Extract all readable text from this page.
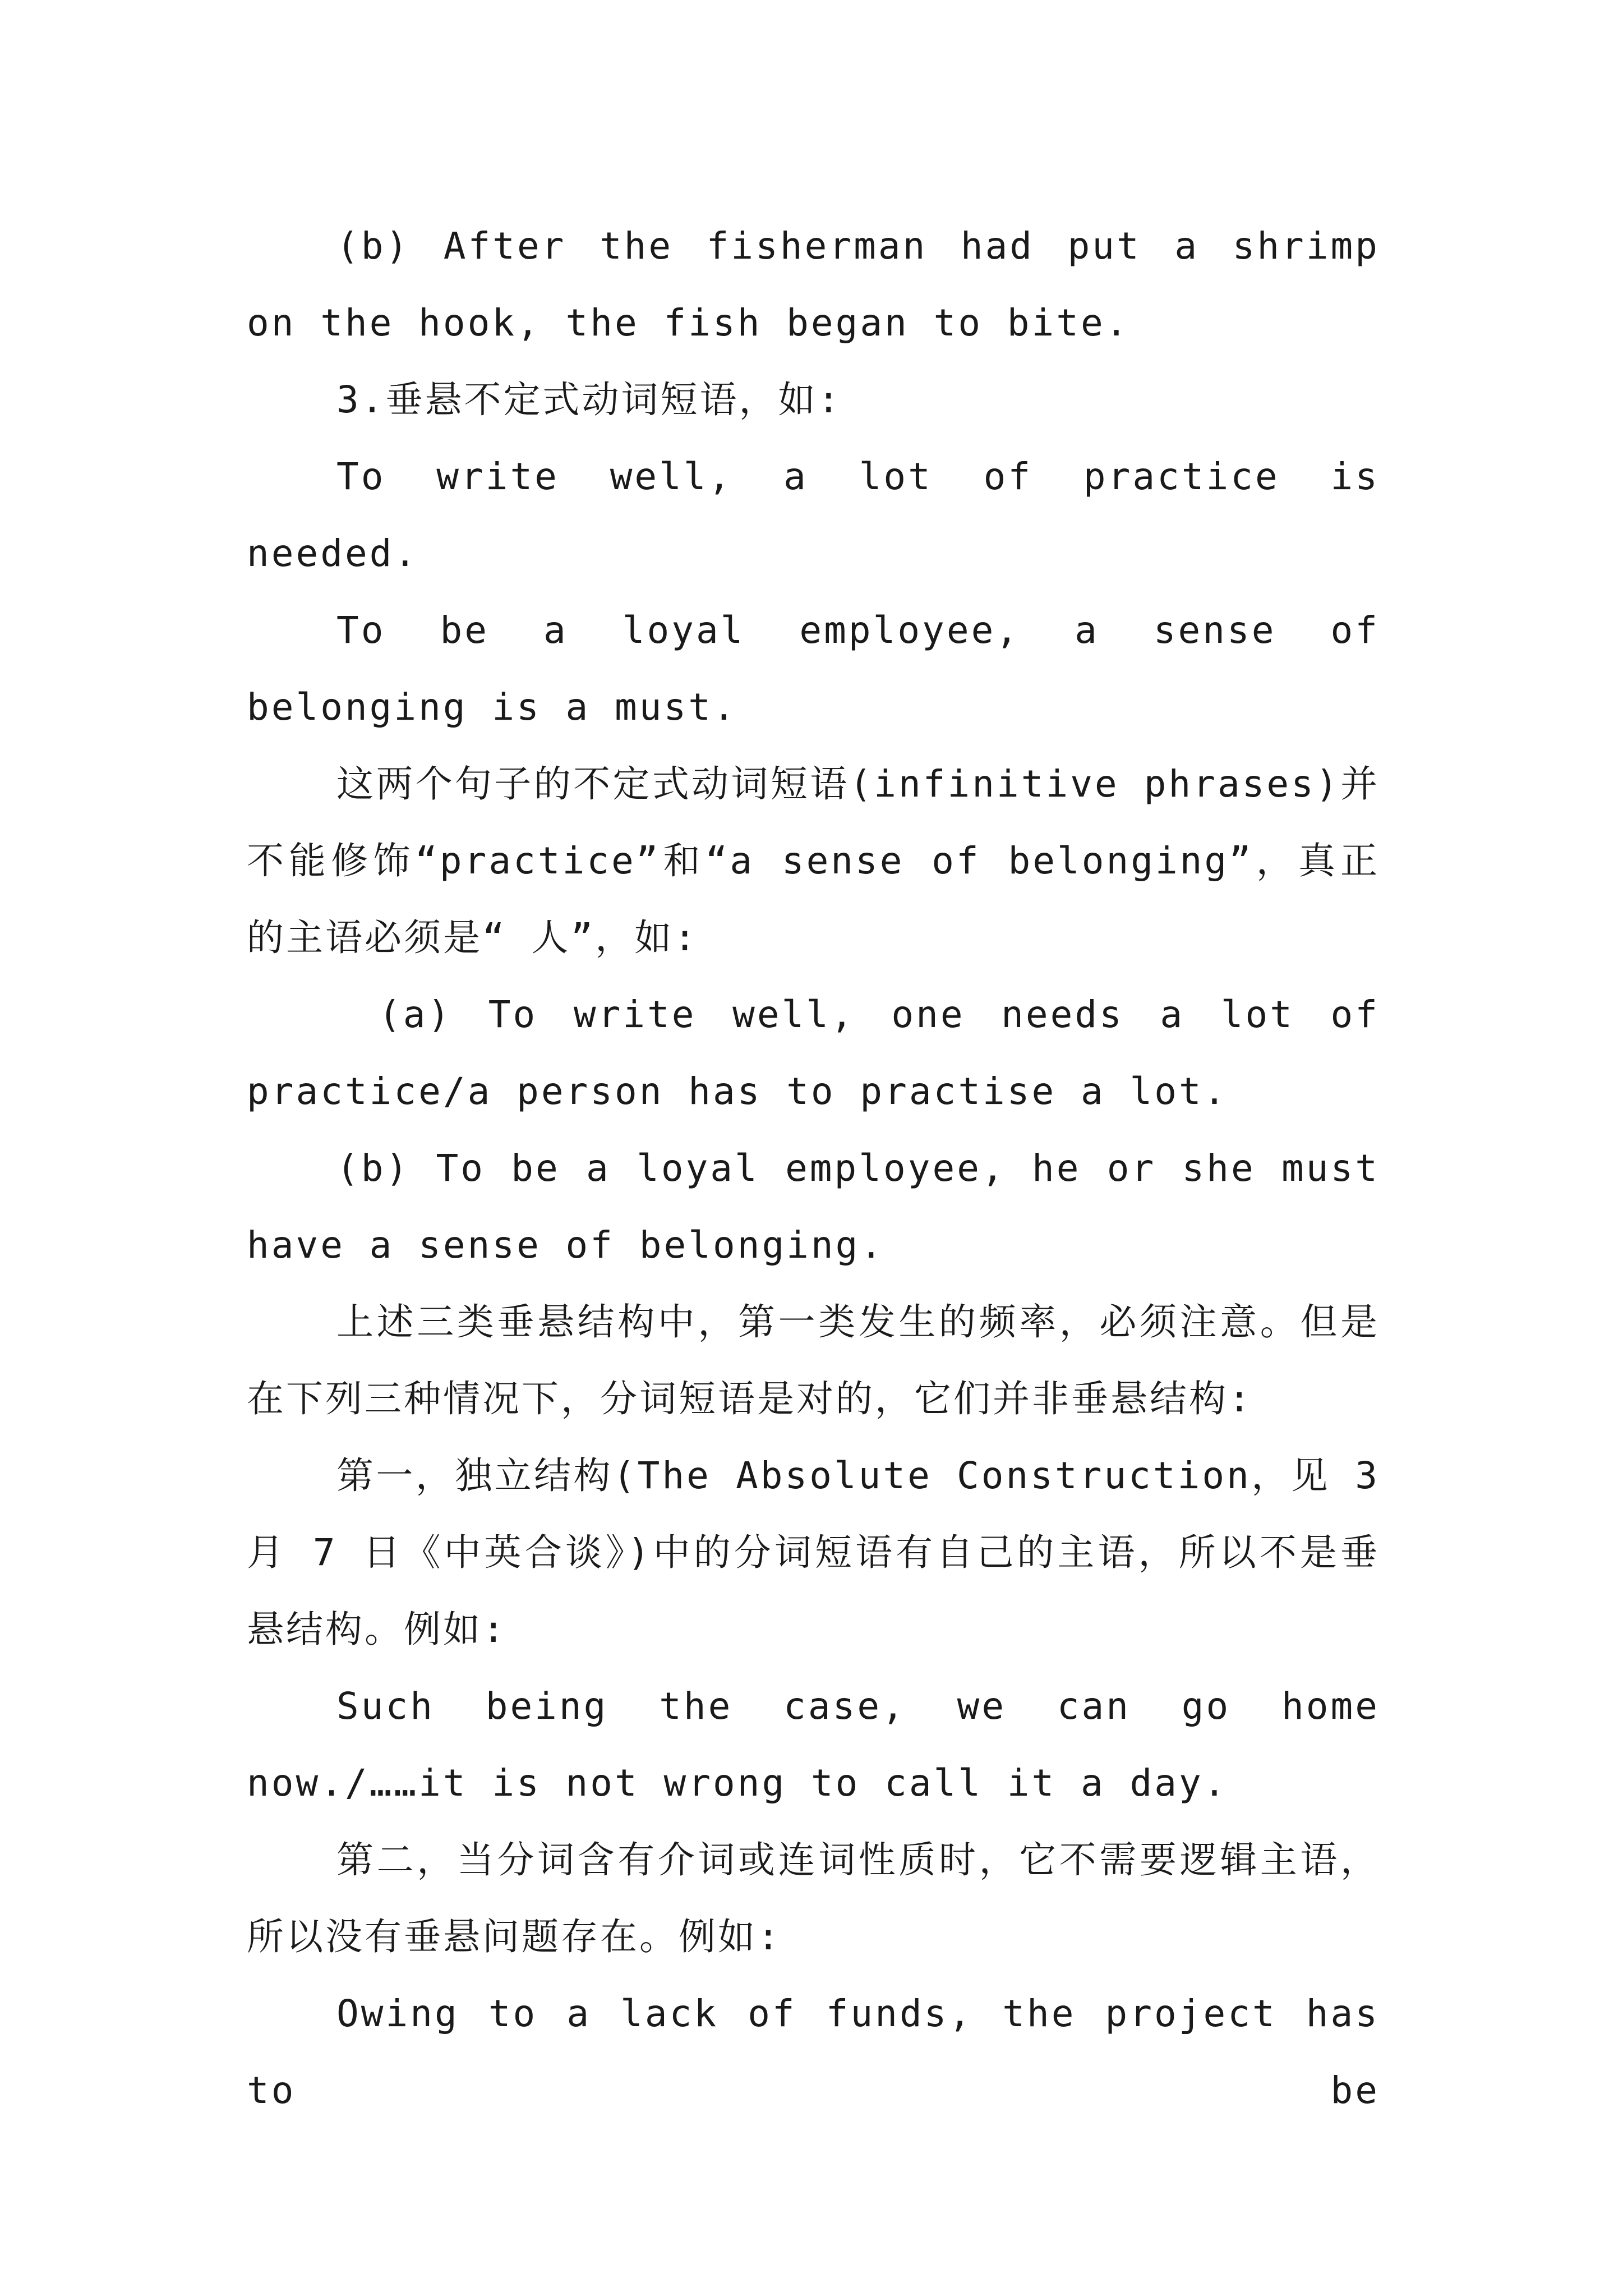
(b) After the fisherman had put a shrimp on the hook, the fish began to bite.

3.垂悬不定式动词短语，如:

To write well, a lot of practice is needed.

To be a loyal employee, a sense of belonging is a must.

这两个句子的不定式动词短语(infinitive phrases)并不能修饰“practice”和“a sense of belonging”，真正的主语必须是“ 人”，如:

(a) To write well, one needs a lot of practice/a person has to practise a lot.

(b) To be a loyal employee, he or she must have a sense of belonging.

上述三类垂悬结构中，第一类发生的频率，必须注意。但是在下列三种情况下，分词短语是对的，它们并非垂悬结构:

第一，独立结构(The Absolute Construction，见 3 月 7 日《中英合谈》)中的分词短语有自己的主语，所以不是垂悬结构。例如:

Such being the case, we can go home now./……it is not wrong to call it a day.

第二，当分词含有介词或连词性质时，它不需要逻辑主语，所以没有垂悬问题存在。例如:

Owing to a lack of funds, the project has to be
